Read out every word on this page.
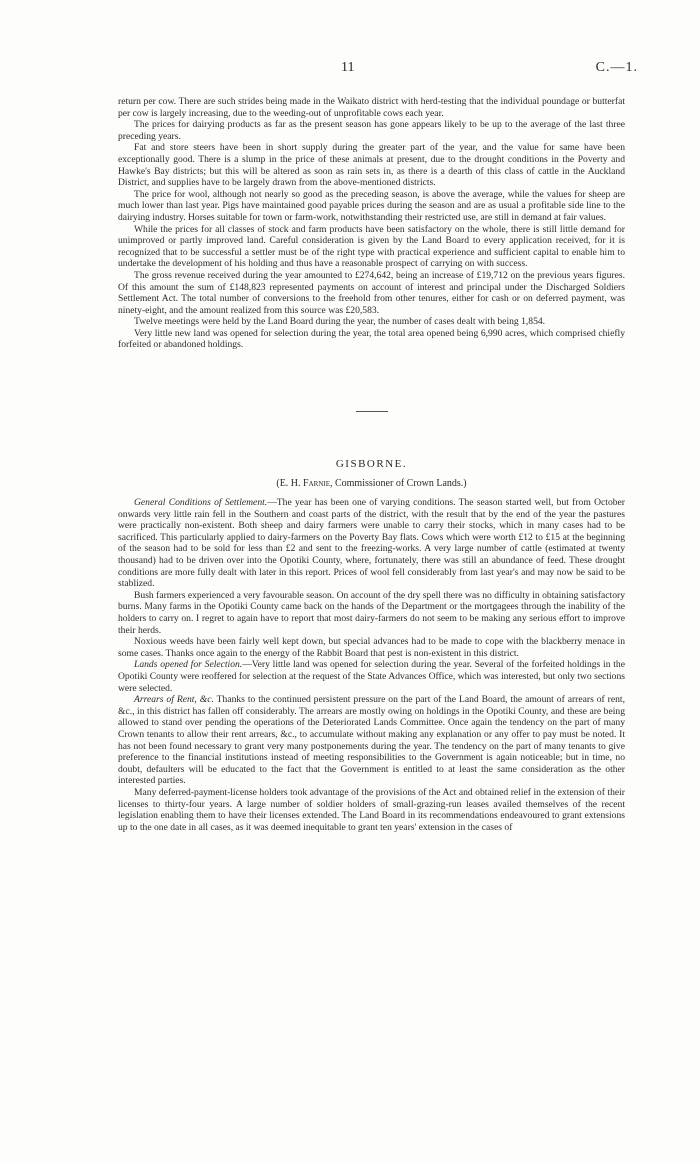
11	C.—1.

return per cow. There are such strides being made in the Waikato district with herd-testing that the individual poundage or butterfat per cow is largely increasing, due to the weeding-out of unprofitable cows each year.

The prices for dairying products as far as the present season has gone appears likely to be up to the average of the last three preceding years.

Fat and store steers have been in short supply during the greater part of the year, and the value for same have been exceptionally good. There is a slump in the price of these animals at present, due to the drought conditions in the Poverty and Hawke's Bay districts; but this will be altered as soon as rain sets in, as there is a dearth of this class of cattle in the Auckland District, and supplies have to be largely drawn from the above-mentioned districts.

The price for wool, although not nearly so good as the preceding season, is above the average, while the values for sheep are much lower than last year. Pigs have maintained good payable prices during the season and are as usual a profitable side line to the dairying industry. Horses suitable for town or farm-work, notwithstanding their restricted use, are still in demand at fair values.

While the prices for all classes of stock and farm products have been satisfactory on the whole, there is still little demand for unimproved or partly improved land. Careful consideration is given by the Land Board to every application received, for it is recognized that to be successful a settler must be of the right type with practical experience and sufficient capital to enable him to undertake the development of his holding and thus have a reasonable prospect of carrying on with success.

The gross revenue received during the year amounted to £274,642, being an increase of £19,712 on the previous years figures. Of this amount the sum of £148,823 represented payments on account of interest and principal under the Discharged Soldiers Settlement Act. The total number of conversions to the freehold from other tenures, either for cash or on deferred payment, was ninety-eight, and the amount realized from this source was £20,583.

Twelve meetings were held by the Land Board during the year, the number of cases dealt with being 1,854.

Very little new land was opened for selection during the year, the total area opened being 6,990 acres, which comprised chiefly forfeited or abandoned holdings.

GISBORNE.
(E. H. Farnie, Commissioner of Crown Lands.)

General Conditions of Settlement.—The year has been one of varying conditions. The season started well, but from October onwards very little rain fell in the Southern and coast parts of the district, with the result that by the end of the year the pastures were practically non-existent. Both sheep and dairy farmers were unable to carry their stocks, which in many cases had to be sacrificed. This particularly applied to dairy-farmers on the Poverty Bay flats. Cows which were worth £12 to £15 at the beginning of the season had to be sold for less than £2 and sent to the freezing-works. A very large number of cattle (estimated at twenty thousand) had to be driven over into the Opotiki County, where, fortunately, there was still an abundance of feed. These drought conditions are more fully dealt with later in this report. Prices of wool fell considerably from last year's and may now be said to be stablized.

Bush farmers experienced a very favourable season. On account of the dry spell there was no difficulty in obtaining satisfactory burns. Many farms in the Opotiki County came back on the hands of the Department or the mortgagees through the inability of the holders to carry on. I regret to again have to report that most dairy-farmers do not seem to be making any serious effort to improve their herds.

Noxious weeds have been fairly well kept down, but special advances had to be made to cope with the blackberry menace in some cases. Thanks once again to the energy of the Rabbit Board that pest is non-existent in this district.

Lands opened for Selection.—Very little land was opened for selection during the year. Several of the forfeited holdings in the Opotiki County were reoffered for selection at the request of the State Advances Office, which was interested, but only two sections were selected.

Arrears of Rent, &c. Thanks to the continued persistent pressure on the part of the Land Board, the amount of arrears of rent, &c., in this district has fallen off considerably. The arrears are mostly owing on holdings in the Opotiki County, and these are being allowed to stand over pending the operations of the Deteriorated Lands Committee. Once again the tendency on the part of many Crown tenants to allow their rent arrears, &c., to accumulate without making any explanation or any offer to pay must be noted. It has not been found necessary to grant very many postponements during the year. The tendency on the part of many tenants to give preference to the financial institutions instead of meeting responsibilities to the Government is again noticeable; but in time, no doubt, defaulters will be educated to the fact that the Government is entitled to at least the same consideration as the other interested parties.

Many deferred-payment-license holders took advantage of the provisions of the Act and obtained relief in the extension of their licenses to thirty-four years. A large number of soldier holders of small-grazing-run leases availed themselves of the recent legislation enabling them to have their licenses extended. The Land Board in its recommendations endeavoured to grant extensions up to the one date in all cases, as it was deemed inequitable to grant ten years' extension in the cases of
